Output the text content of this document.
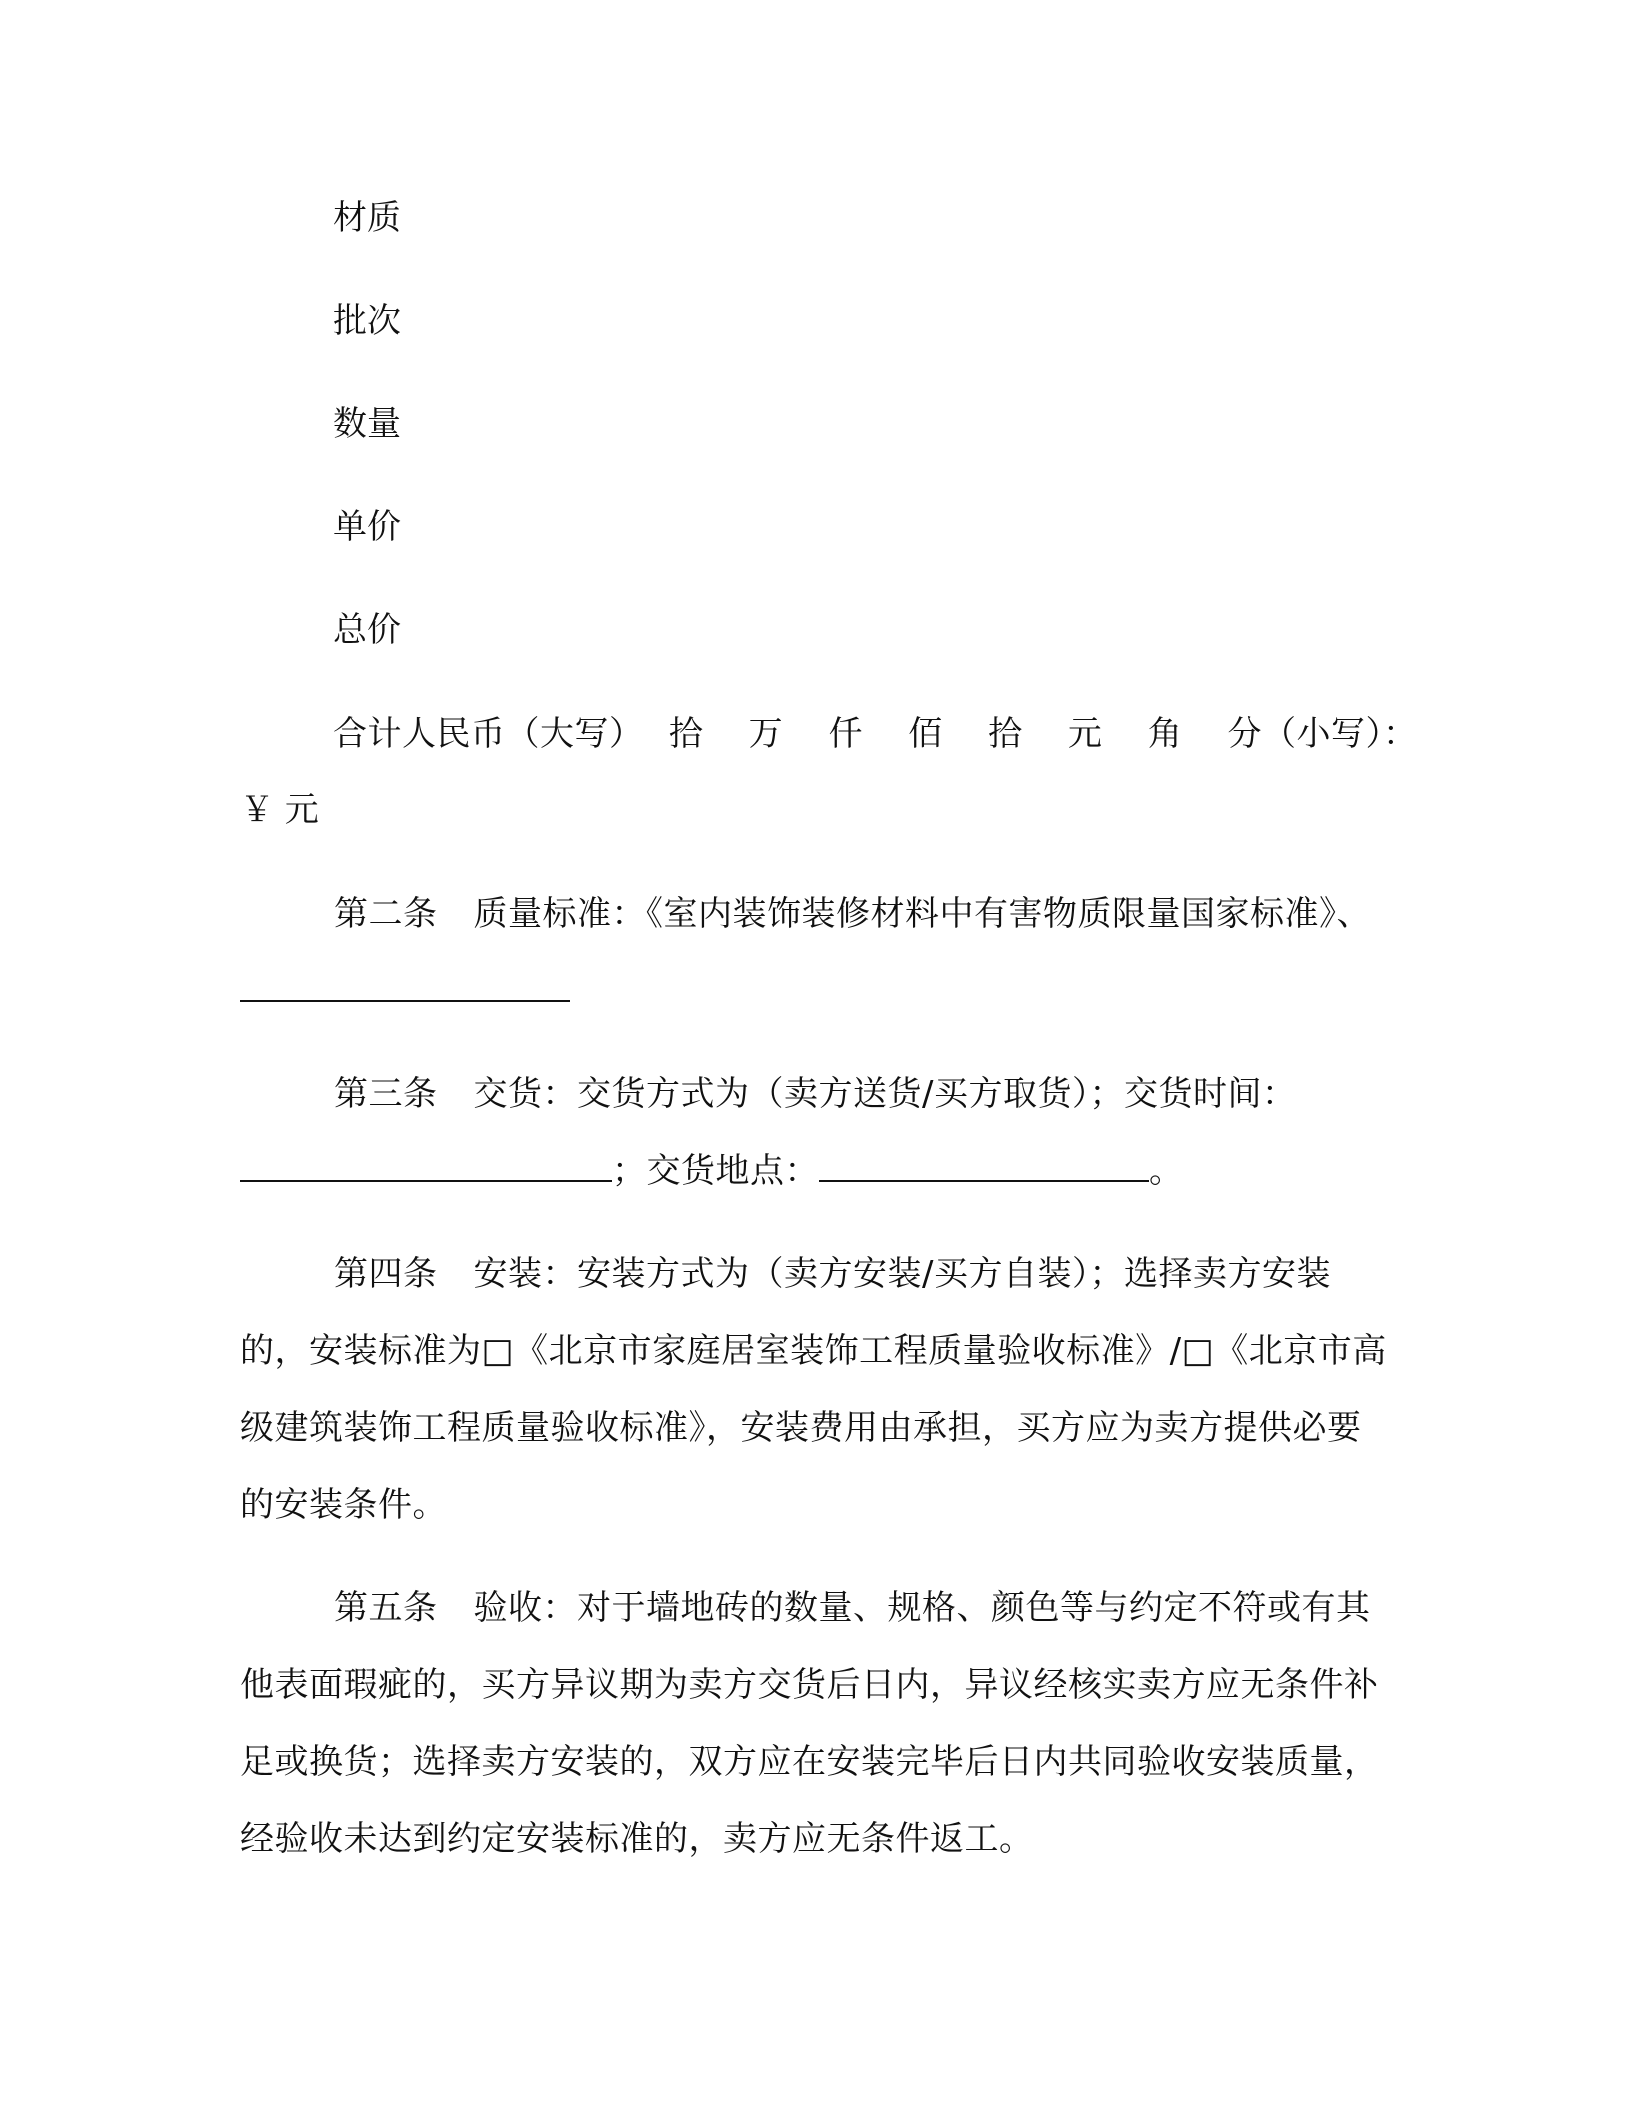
材质
批次
数量
单价
总价
合计人民币（大写） 拾 万 仟 佰 拾 元 角 分（小写）：
￥ 元
第二条 质量标准：《室内装饰装修材料中有害物质限量国家标准》、
第三条 交货：交货方式为（卖方送货/买方取货）；交货时间：；交货地点：	。
第四条 安装：安装方式为（卖方安装/买方自装）；选择卖方安装的，安装标准为□《北京市家庭居室装饰工程质量验收标准》/□《北京市高级建筑装饰工程质量验收标准》，安装费用由承担，买方应为卖方提供必要的安装条件。
第五条 验收：对于墙地砖的数量、规格、颜色等与约定不符或有其他表面瑕疵的，买方异议期为卖方交货后日内，异议经核实卖方应无条件补足或换货；选择卖方安装的，双方应在安装完毕后日内共同验收安装质量，经验收未达到约定安装标准的，卖方应无条件返工。
